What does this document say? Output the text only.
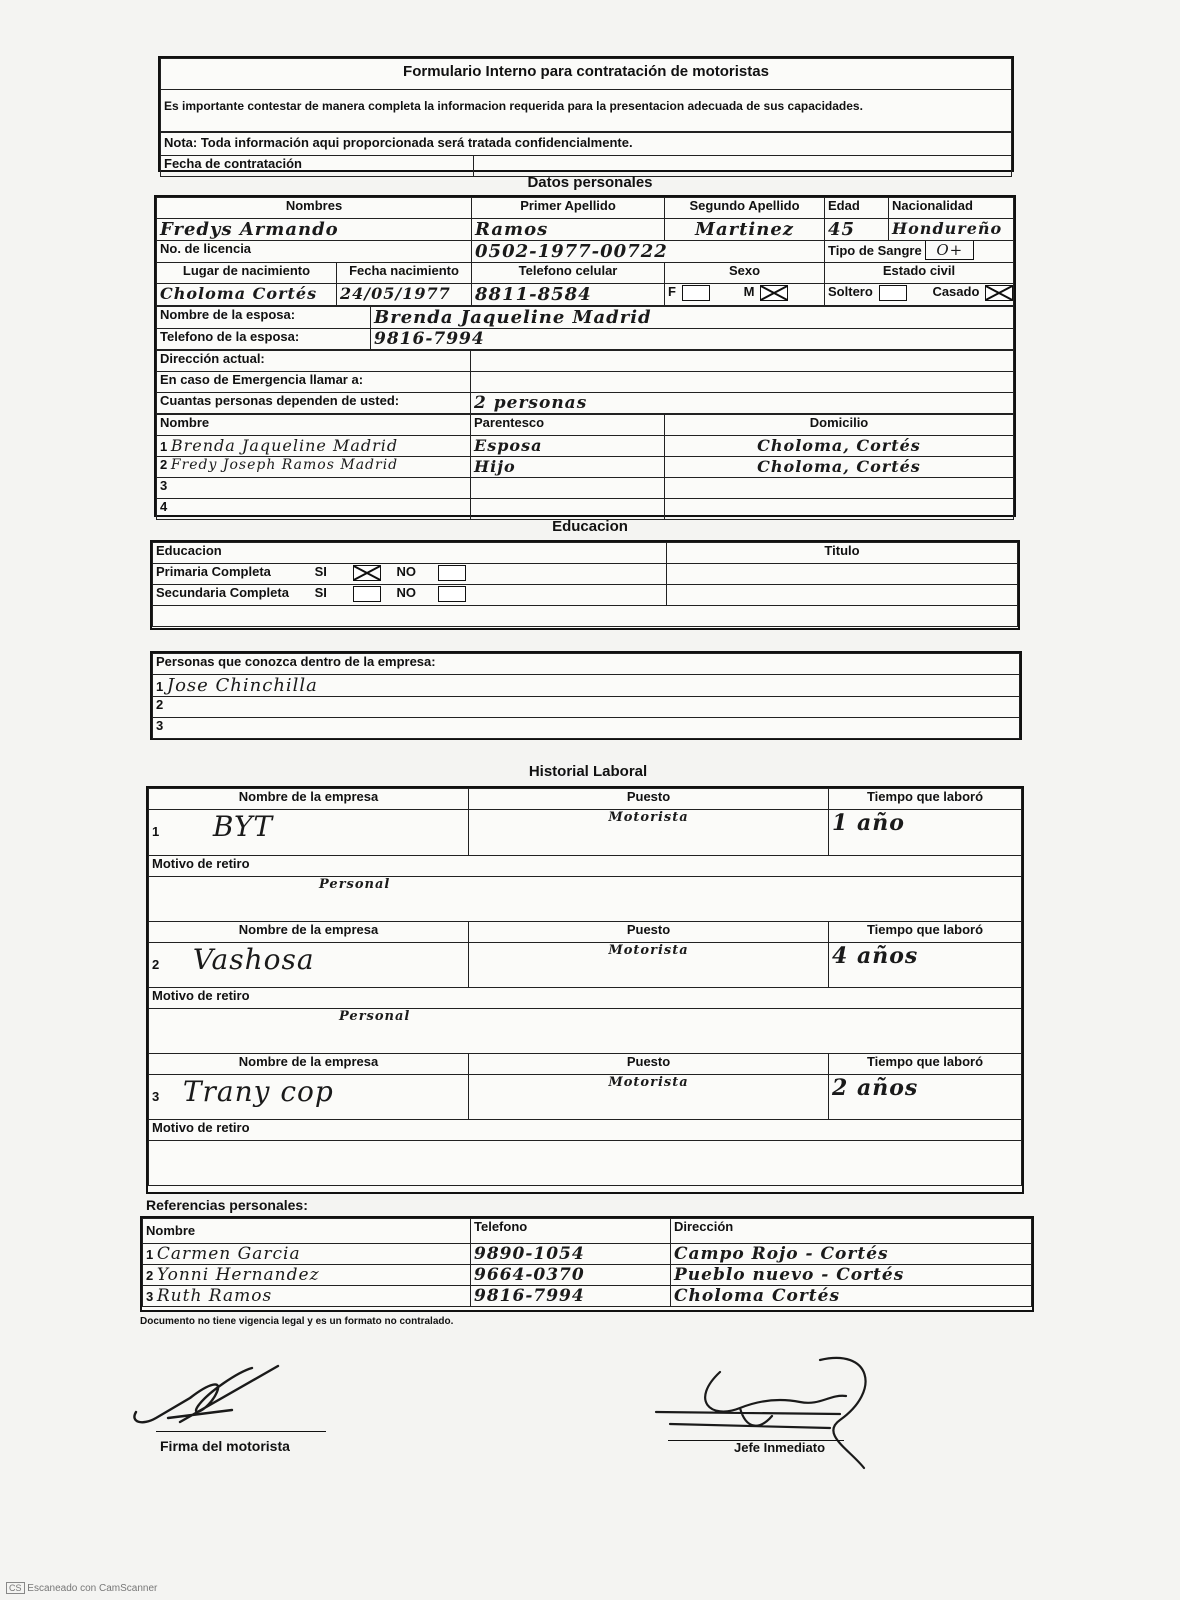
Formulario Interno para contratación de motoristas
Es importante contestar de manera completa la informacion requerida para la presentacion adecuada de sus capacidades.
Nota: Toda información aqui proporcionada será tratada confidencialmente.
Fecha de contratación	
Datos personales
Nombres		Primer Apellido	Segundo Apellido	Edad	Nacionalidad
Fredys Armando		Ramos	Martinez	45	Hondureño
No. de licencia		0502-1977-00722		Tipo de Sangre O+	
Lugar de nacimiento	Fecha nacimiento	Telefono celular	Sexo	Estado civil	
Choloma Cortés	24/05/1977	8811-8584	F M	Soltero Casado	
Nombre de la esposa:	Brenda Jaqueline Madrid
Telefono de la esposa:	9816-7994
Dirección actual:	
En caso de Emergencia llamar a:	
Cuantas personas dependen de usted:	2 personas
Nombre	Parentesco	Domicilio
1 Brenda Jaqueline Madrid	Esposa	Choloma, Cortés
2 Fredy Joseph Ramos Madrid	Hijo	Choloma, Cortés
3		
4		
Educacion
Educacion	Titulo
Primaria Completa SI NO	
Secundaria Completa SI NO	

Personas que conozca dentro de la empresa:
1 Jose Chinchilla
2
3
Historial Laboral
Nombre de la empresa	Puesto	Tiempo que laboró
1 BYT	Motorista	1 año
Motivo de retiro		
Personal		
Nombre de la empresa	Puesto	Tiempo que laboró
2 Vashosa	Motorista	4 años
Motivo de retiro		
Personal		
Nombre de la empresa	Puesto	Tiempo que laboró
3 Trany cop	Motorista	2 años
Motivo de retiro		

Referencias personales:
Nombre	Telefono	Dirección
1 Carmen Garcia	9890-1054	Campo Rojo - Cortés
2 Yonni Hernandez	9664-0370	Pueblo nuevo - Cortés
3 Ruth Ramos	9816-7994	Choloma Cortés
Documento no tiene vigencia legal y es un formato no contralado.
Firma del motorista	Jefe Inmediato
CS Escaneado con CamScanner
